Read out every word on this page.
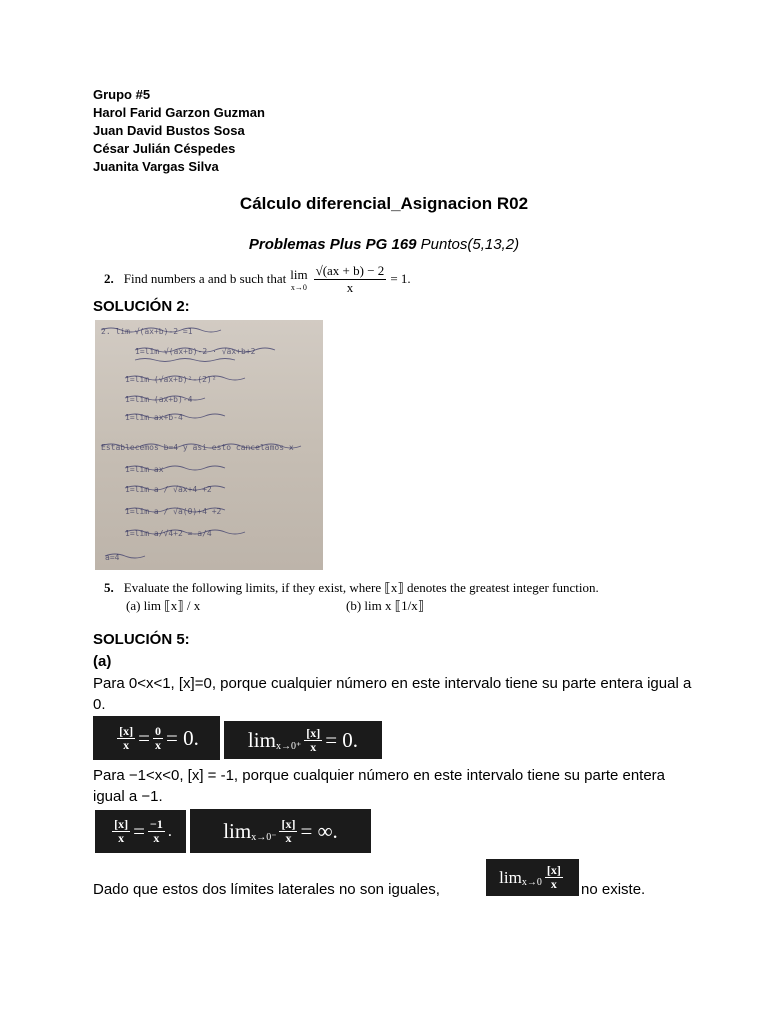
Grupo #5
Harol Farid Garzon Guzman
Juan David Bustos Sosa
César Julián Céspedes
Juanita Vargas Silva
Cálculo diferencial_Asignacion R02
Problemas Plus PG 169 Puntos(5,13,2)
2. Find numbers a and b such that lim
$x\to 0 \frac{√(ax + b) - 2}{x} = 1$.
SOLUCIÓN 2:
2. lim √(ax+b)-2 =1
1=lim √(ax+b)-2 · √ax+b+2
1=lim (√ax+b)²-(2)²
1=lim (ax+b)-4
1=lim ax+b-4
Establecemos b=4 y asi esto cancelamos x
1=lim ax
1=lim a / √ax+4 +2
1=lim a / √a(0)+4 +2
1=lim a/√4+2 = a/4
a=4
5. Evaluate the following limits, if they exist, where ⟦x⟧ denotes the greatest integer function.
(a) lim ⟦x⟧ / x	(b) lim x ⟦1/x⟧
SOLUCIÓN 5:
(a)
Para 0<x<1, [x]=0, porque cualquier número en este intervalo tiene su parte entera igual a 0.
$\frac{[x]}{x} = \frac{0}{x} = 0$. $\lim x\to 0^+ \frac{[x]}{x} = 0$.
Para −1<x<0, [x] = -1, porque cualquier número en este intervalo tiene su parte entera igual a −1.
$\frac{[x]}{x} = \frac{-1}{x}$ . $\lim x\to 0^- \frac{[x]}{x}$ = ∞.
Dado que estos dos límites laterales no son iguales,
lim x→0
[x]
x no existe.
